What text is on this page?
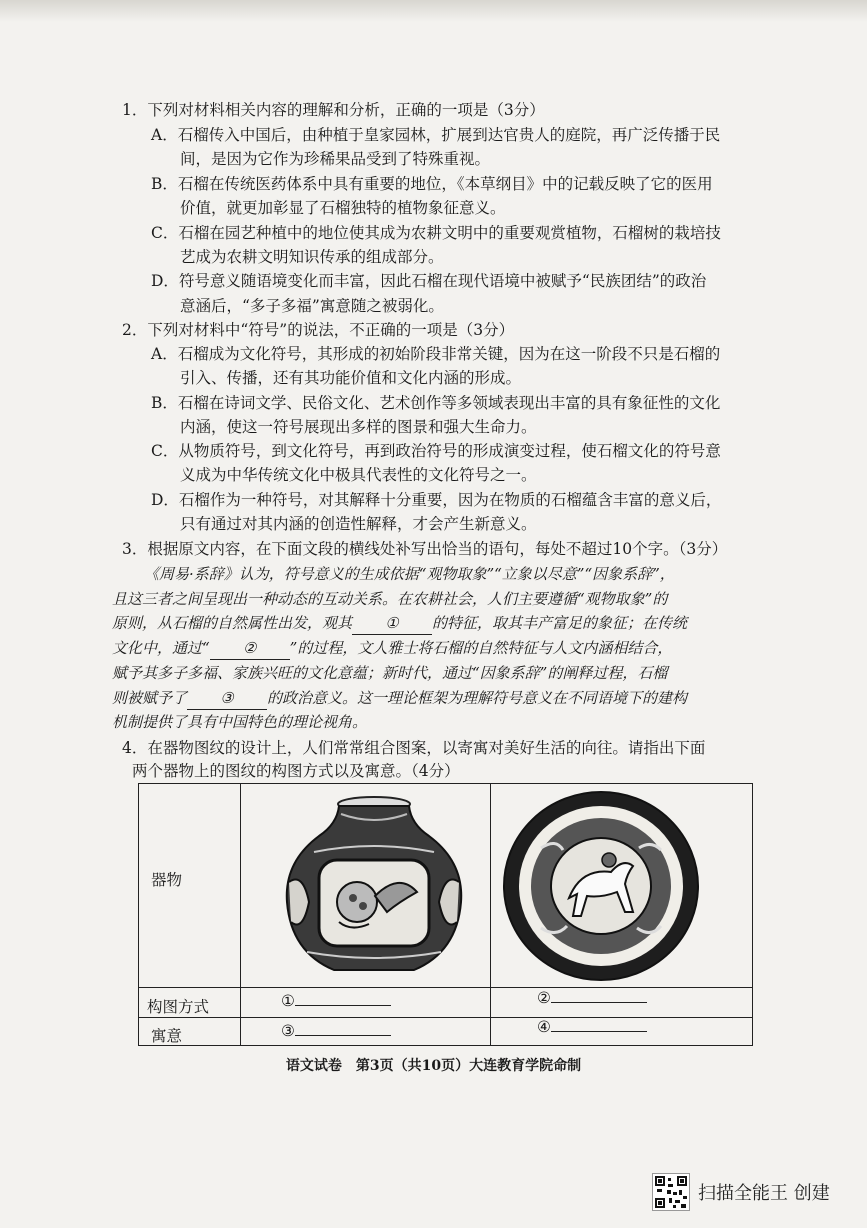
1．下列对材料相关内容的理解和分析，正确的一项是（3分）
A．石榴传入中国后，由种植于皇家园林，扩展到达官贵人的庭院，再广泛传播于民
间，是因为它作为珍稀果品受到了特殊重视。
B．石榴在传统医药体系中具有重要的地位，《本草纲目》中的记载反映了它的医用
价值，就更加彰显了石榴独特的植物象征意义。
C．石榴在园艺种植中的地位使其成为农耕文明中的重要观赏植物，石榴树的栽培技
艺成为农耕文明知识传承的组成部分。
D．符号意义随语境变化而丰富，因此石榴在现代语境中被赋予“民族团结”的政治
意涵后，“多子多福”寓意随之被弱化。
2．下列对材料中“符号”的说法，不正确的一项是（3分）
A．石榴成为文化符号，其形成的初始阶段非常关键，因为在这一阶段不只是石榴的
引入、传播，还有其功能价值和文化内涵的形成。
B．石榴在诗词文学、民俗文化、艺术创作等多领域表现出丰富的具有象征性的文化
内涵，使这一符号展现出多样的图景和强大生命力。
C．从物质符号，到文化符号，再到政治符号的形成演变过程，使石榴文化的符号意
义成为中华传统文化中极具代表性的文化符号之一。
D．石榴作为一种符号，对其解释十分重要，因为在物质的石榴蕴含丰富的意义后，
只有通过对其内涵的创造性解释，才会产生新意义。
3．根据原文内容，在下面文段的横线处补写出恰当的语句，每处不超过10个字。（3分）
《周易·系辞》认为，符号意义的生成依据“观物取象”“立象以尽意”“因象系辞”，
且这三者之间呈现出一种动态的互动关系。在农耕社会，人们主要遵循“观物取象”的
原则，从石榴的自然属性出发，观其 ① 的特征，取其丰产富足的象征；在传统
文化中，通过“ ② ”的过程，文人雅士将石榴的自然特征与人文内涵相结合，
赋予其多子多福、家族兴旺的文化意蕴；新时代，通过“因象系辞”的阐释过程，石榴
则被赋予了 ③ 的政治意义。这一理论框架为理解符号意义在不同语境下的建构
机制提供了具有中国特色的理论视角。
4．在器物图纹的设计上，人们常常组合图案，以寄寓对美好生活的向往。请指出下面
两个器物上的图纹的构图方式以及寓意。（4分）
器物
构图方式
寓意
①	②
③	④
语文试卷　第3页（共10页）大连教育学院命制
扫描全能王 创建
